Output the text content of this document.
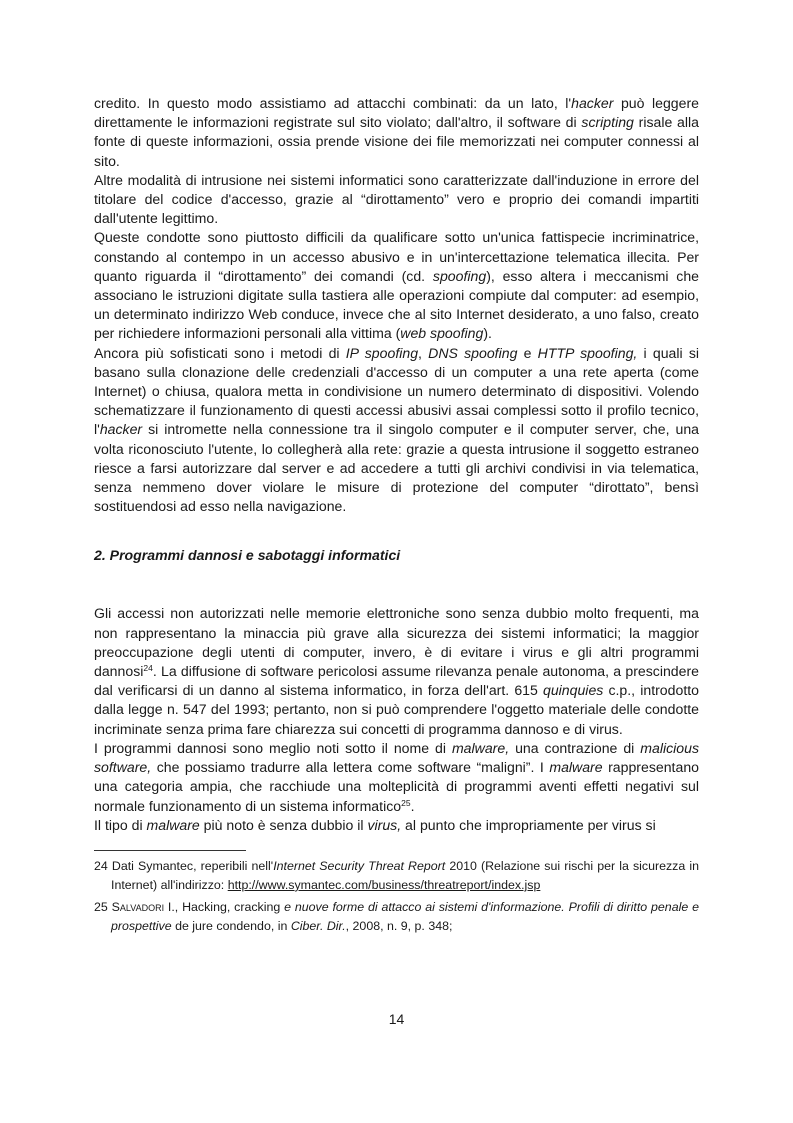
credito. In questo modo assistiamo ad attacchi combinati: da un lato, l'hacker può leggere direttamente le informazioni registrate sul sito violato; dall'altro, il software di scripting risale alla fonte di queste informazioni, ossia prende visione dei file memorizzati nei computer connessi al sito.

Altre modalità di intrusione nei sistemi informatici sono caratterizzate dall'induzione in errore del titolare del codice d'accesso, grazie al “dirottamento” vero e proprio dei comandi impartiti dall'utente legittimo.

Queste condotte sono piuttosto difficili da qualificare sotto un'unica fattispecie incriminatrice, constando al contempo in un accesso abusivo e in un'intercettazione telematica illecita. Per quanto riguarda il “dirottamento” dei comandi (cd. spoofing), esso altera i meccanismi che associano le istruzioni digitate sulla tastiera alle operazioni compiute dal computer: ad esempio, un determinato indirizzo Web conduce, invece che al sito Internet desiderato, a uno falso, creato per richiedere informazioni personali alla vittima (web spoofing).

Ancora più sofisticati sono i metodi di IP spoofing, DNS spoofing e HTTP spoofing, i quali si basano sulla clonazione delle credenziali d'accesso di un computer a una rete aperta (come Internet) o chiusa, qualora metta in condivisione un numero determinato di dispositivi. Volendo schematizzare il funzionamento di questi accessi abusivi assai complessi sotto il profilo tecnico, l'hacker si intromette nella connessione tra il singolo computer e il computer server, che, una volta riconosciuto l'utente, lo collegherà alla rete: grazie a questa intrusione il soggetto estraneo riesce a farsi autorizzare dal server e ad accedere a tutti gli archivi condivisi in via telematica, senza nemmeno dover violare le misure di protezione del computer “dirottato”, bensì sostituendosi ad esso nella navigazione.

2. Programmi dannosi e sabotaggi informatici

Gli accessi non autorizzati nelle memorie elettroniche sono senza dubbio molto frequenti, ma non rappresentano la minaccia più grave alla sicurezza dei sistemi informatici; la maggior preoccupazione degli utenti di computer, invero, è di evitare i virus e gli altri programmi dannosi$^{24}$. La diffusione di software pericolosi assume rilevanza penale autonoma, a prescindere dal verificarsi di un danno al sistema informatico, in forza dell'art. 615 quinquies c.p., introdotto dalla legge n. 547 del 1993; pertanto, non si può comprendere l'oggetto materiale delle condotte incriminate senza prima fare chiarezza sui concetti di programma dannoso e di virus.

I programmi dannosi sono meglio noti sotto il nome di malware, una contrazione di malicious software, che possiamo tradurre alla lettera come software “maligni”. I malware rappresentano una categoria ampia, che racchiude una molteplicità di programmi aventi effetti negativi sul normale funzionamento di un sistema informatico$^{25}$.

Il tipo di malware più noto è senza dubbio il virus, al punto che impropriamente per virus si

24 Dati Symantec, reperibili nell'Internet Security Threat Report 2010 (Relazione sui rischi per la sicurezza in Internet) all'indirizzo: http://www.symantec.com/business/threatreport/index.jsp

25 Salvadori I., Hacking, cracking e nuove forme di attacco ai sistemi d'informazione. Profili di diritto penale e prospettive de jure condendo, in Ciber. Dir., 2008, n. 9, p. 348;

14
